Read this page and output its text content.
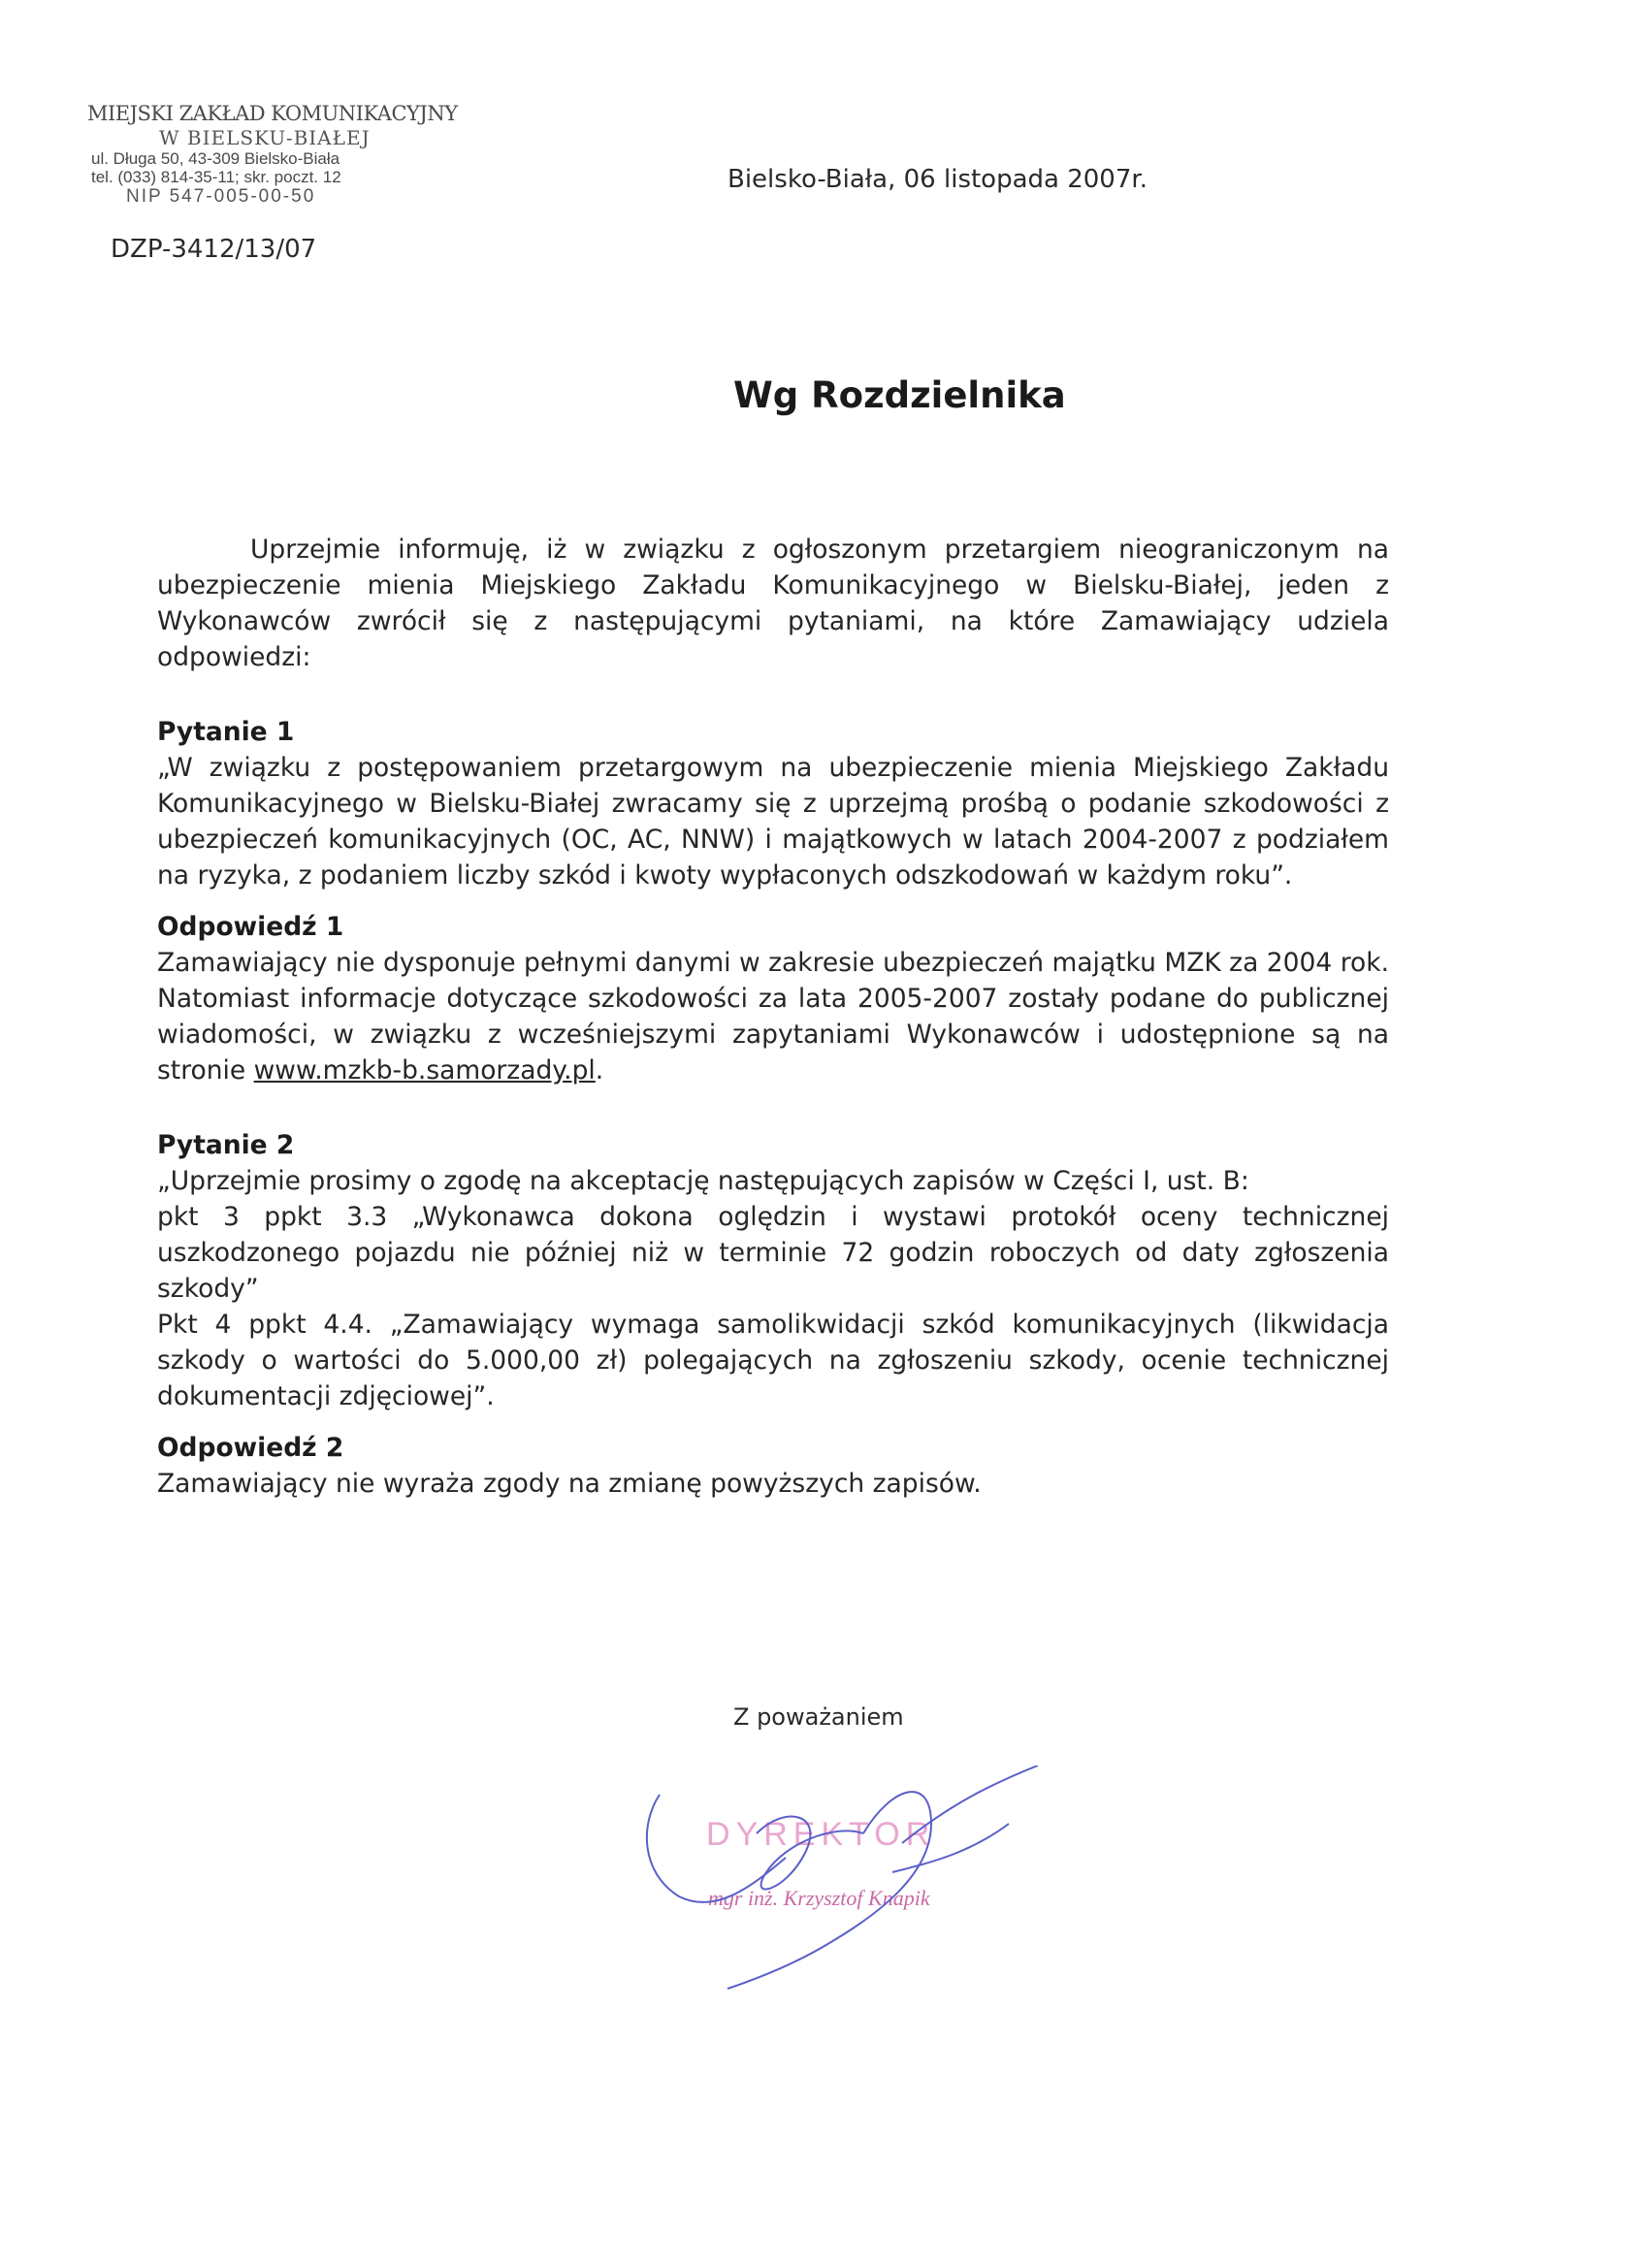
MIEJSKI ZAKŁAD KOMUNIKACYJNY
W BIELSKU-BIAŁEJ
ul. Długa 50, 43-309 Bielsko-Biała
tel. (033) 814-35-11; skr. poczt. 12
NIP 547-005-00-50
DZP-3412/13/07
Bielsko-Biała, 06 listopada 2007r.
Wg Rozdzielnika

Uprzejmie informuję, iż w związku z ogłoszonym przetargiem nieograniczonym na ubezpieczenie mienia Miejskiego Zakładu Komunikacyjnego w Bielsku-Białej, jeden z Wykonawców zwrócił się z następującymi pytaniami, na które Zamawiający udziela odpowiedzi:

Pytanie 1

„W związku z postępowaniem przetargowym na ubezpieczenie mienia Miejskiego Zakładu Komunikacyjnego w Bielsku-Białej zwracamy się z uprzejmą prośbą o podanie szkodowości z ubezpieczeń komunikacyjnych (OC, AC, NNW) i majątkowych w latach 2004-2007 z podziałem na ryzyka, z podaniem liczby szkód i kwoty wypłaconych odszkodowań w każdym roku”.

Odpowiedź 1

Zamawiający nie dysponuje pełnymi danymi w zakresie ubezpieczeń majątku MZK za 2004 rok. Natomiast informacje dotyczące szkodowości za lata 2005-2007 zostały podane do publicznej wiadomości, w związku z wcześniejszymi zapytaniami Wykonawców i udostępnione są na stronie www.mzkb-b.samorzady.pl.

Pytanie 2

„Uprzejmie prosimy o zgodę na akceptację następujących zapisów w Części I, ust. B:

pkt 3 ppkt 3.3 „Wykonawca dokona oględzin i wystawi protokół oceny technicznej uszkodzonego pojazdu nie później niż w terminie 72 godzin roboczych od daty zgłoszenia szkody”

Pkt 4 ppkt 4.4. „Zamawiający wymaga samolikwidacji szkód komunikacyjnych (likwidacja szkody o wartości do 5.000,00 zł) polegających na zgłoszeniu szkody, ocenie technicznej dokumentacji zdjęciowej”.

Odpowiedź 2

Zamawiający nie wyraża zgody na zmianę powyższych zapisów.

Z poważaniem
DYREKTOR
mgr inż. Krzysztof Knapik
